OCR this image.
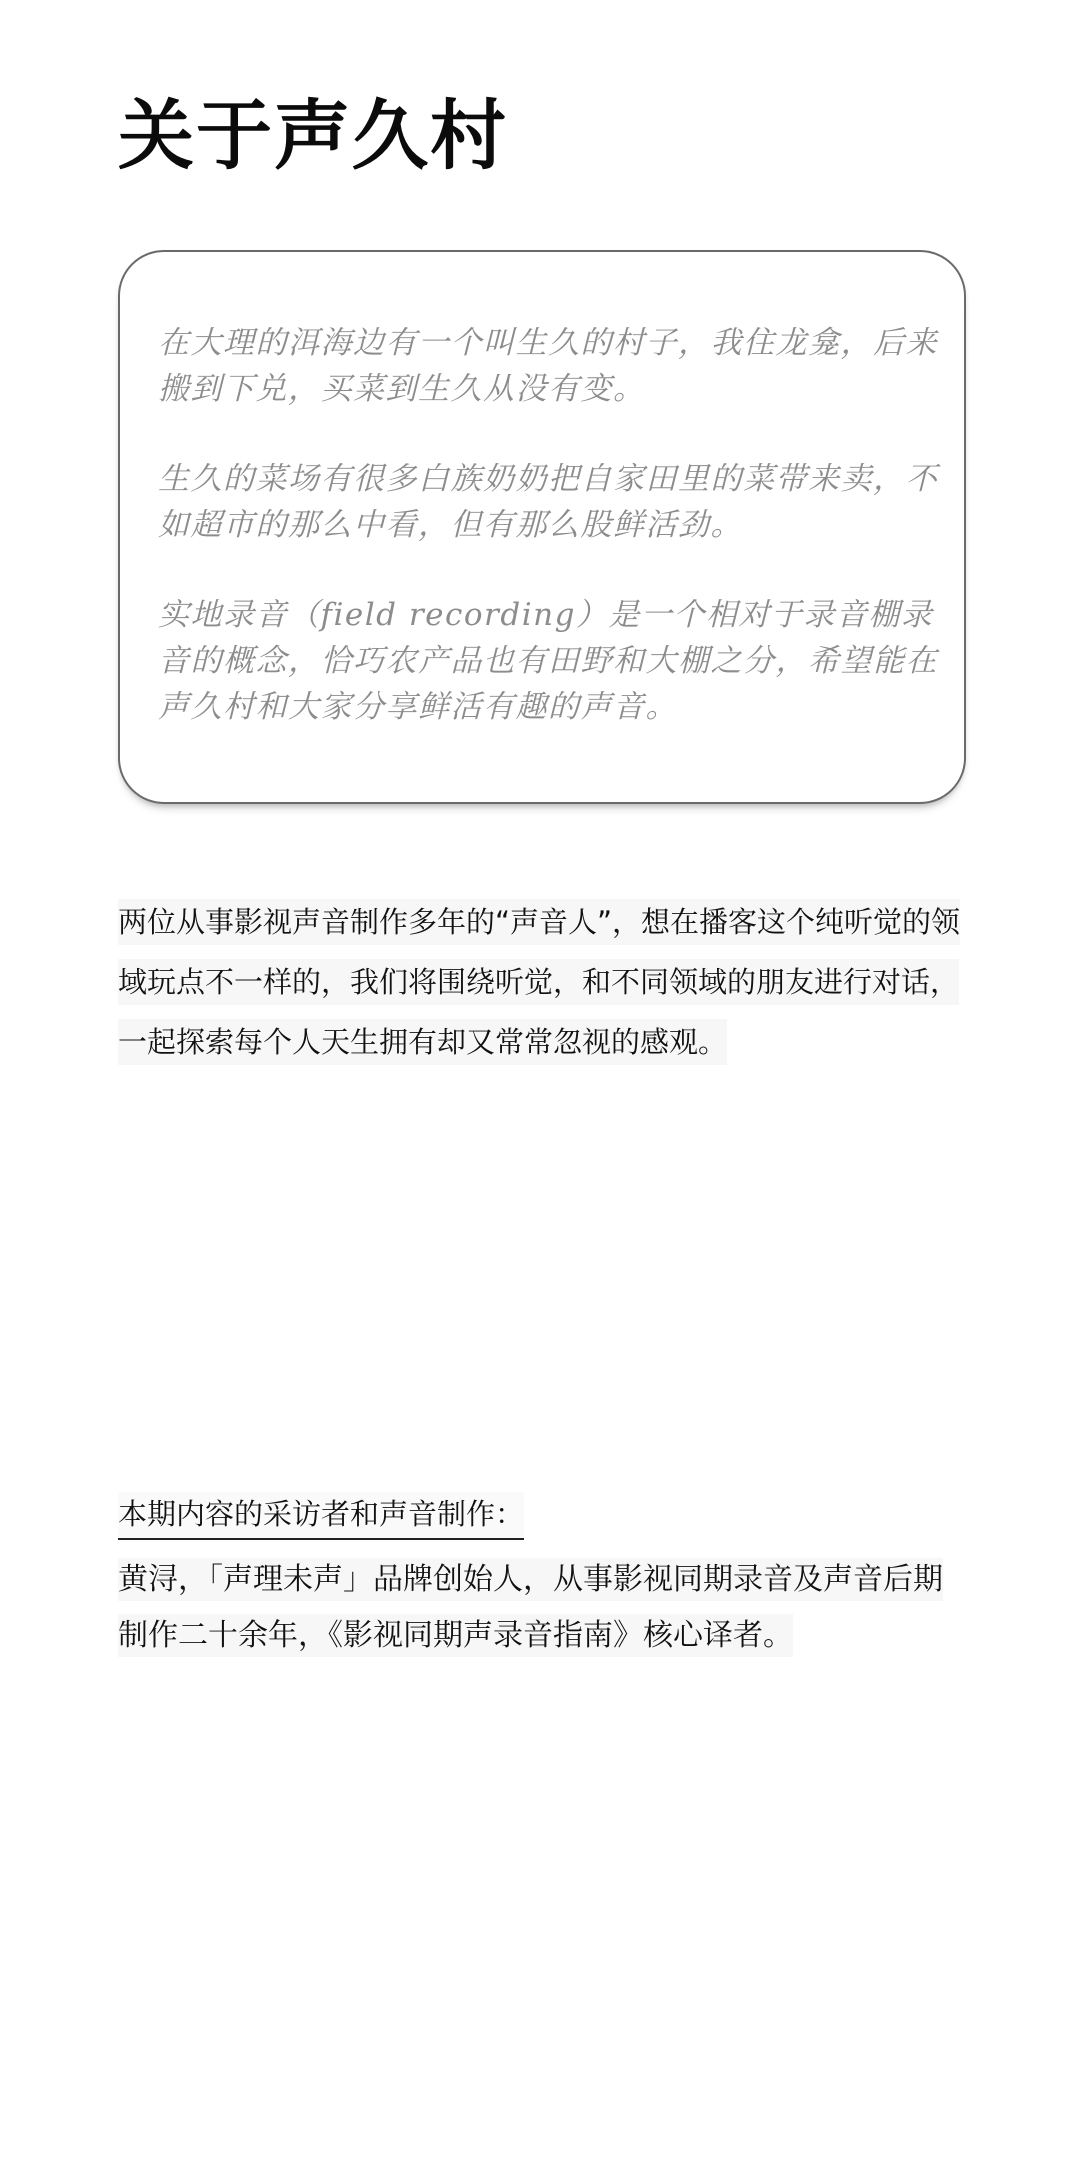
关于声久村

在大理的洱海边有一个叫生久的村子，我住龙龛，后来搬到下兑，买菜到生久从没有变。

生久的菜场有很多白族奶奶把自家田里的菜带来卖，不如超市的那么中看，但有那么股鲜活劲。

实地录音（field recording）是一个相对于录音棚录音的概念，恰巧农产品也有田野和大棚之分，希望能在声久村和大家分享鲜活有趣的声音。

两位从事影视声音制作多年的“声音人”，想在播客这个纯听觉的领域玩点不一样的，我们将围绕听觉，和不同领域的朋友进行对话，一起探索每个人天生拥有却又常常忽视的感观。

本期内容的采访者和声音制作：

黄浔，「声理未声」品牌创始人，从事影视同期录音及声音后期制作二十余年，《影视同期声录音指南》核心译者。
